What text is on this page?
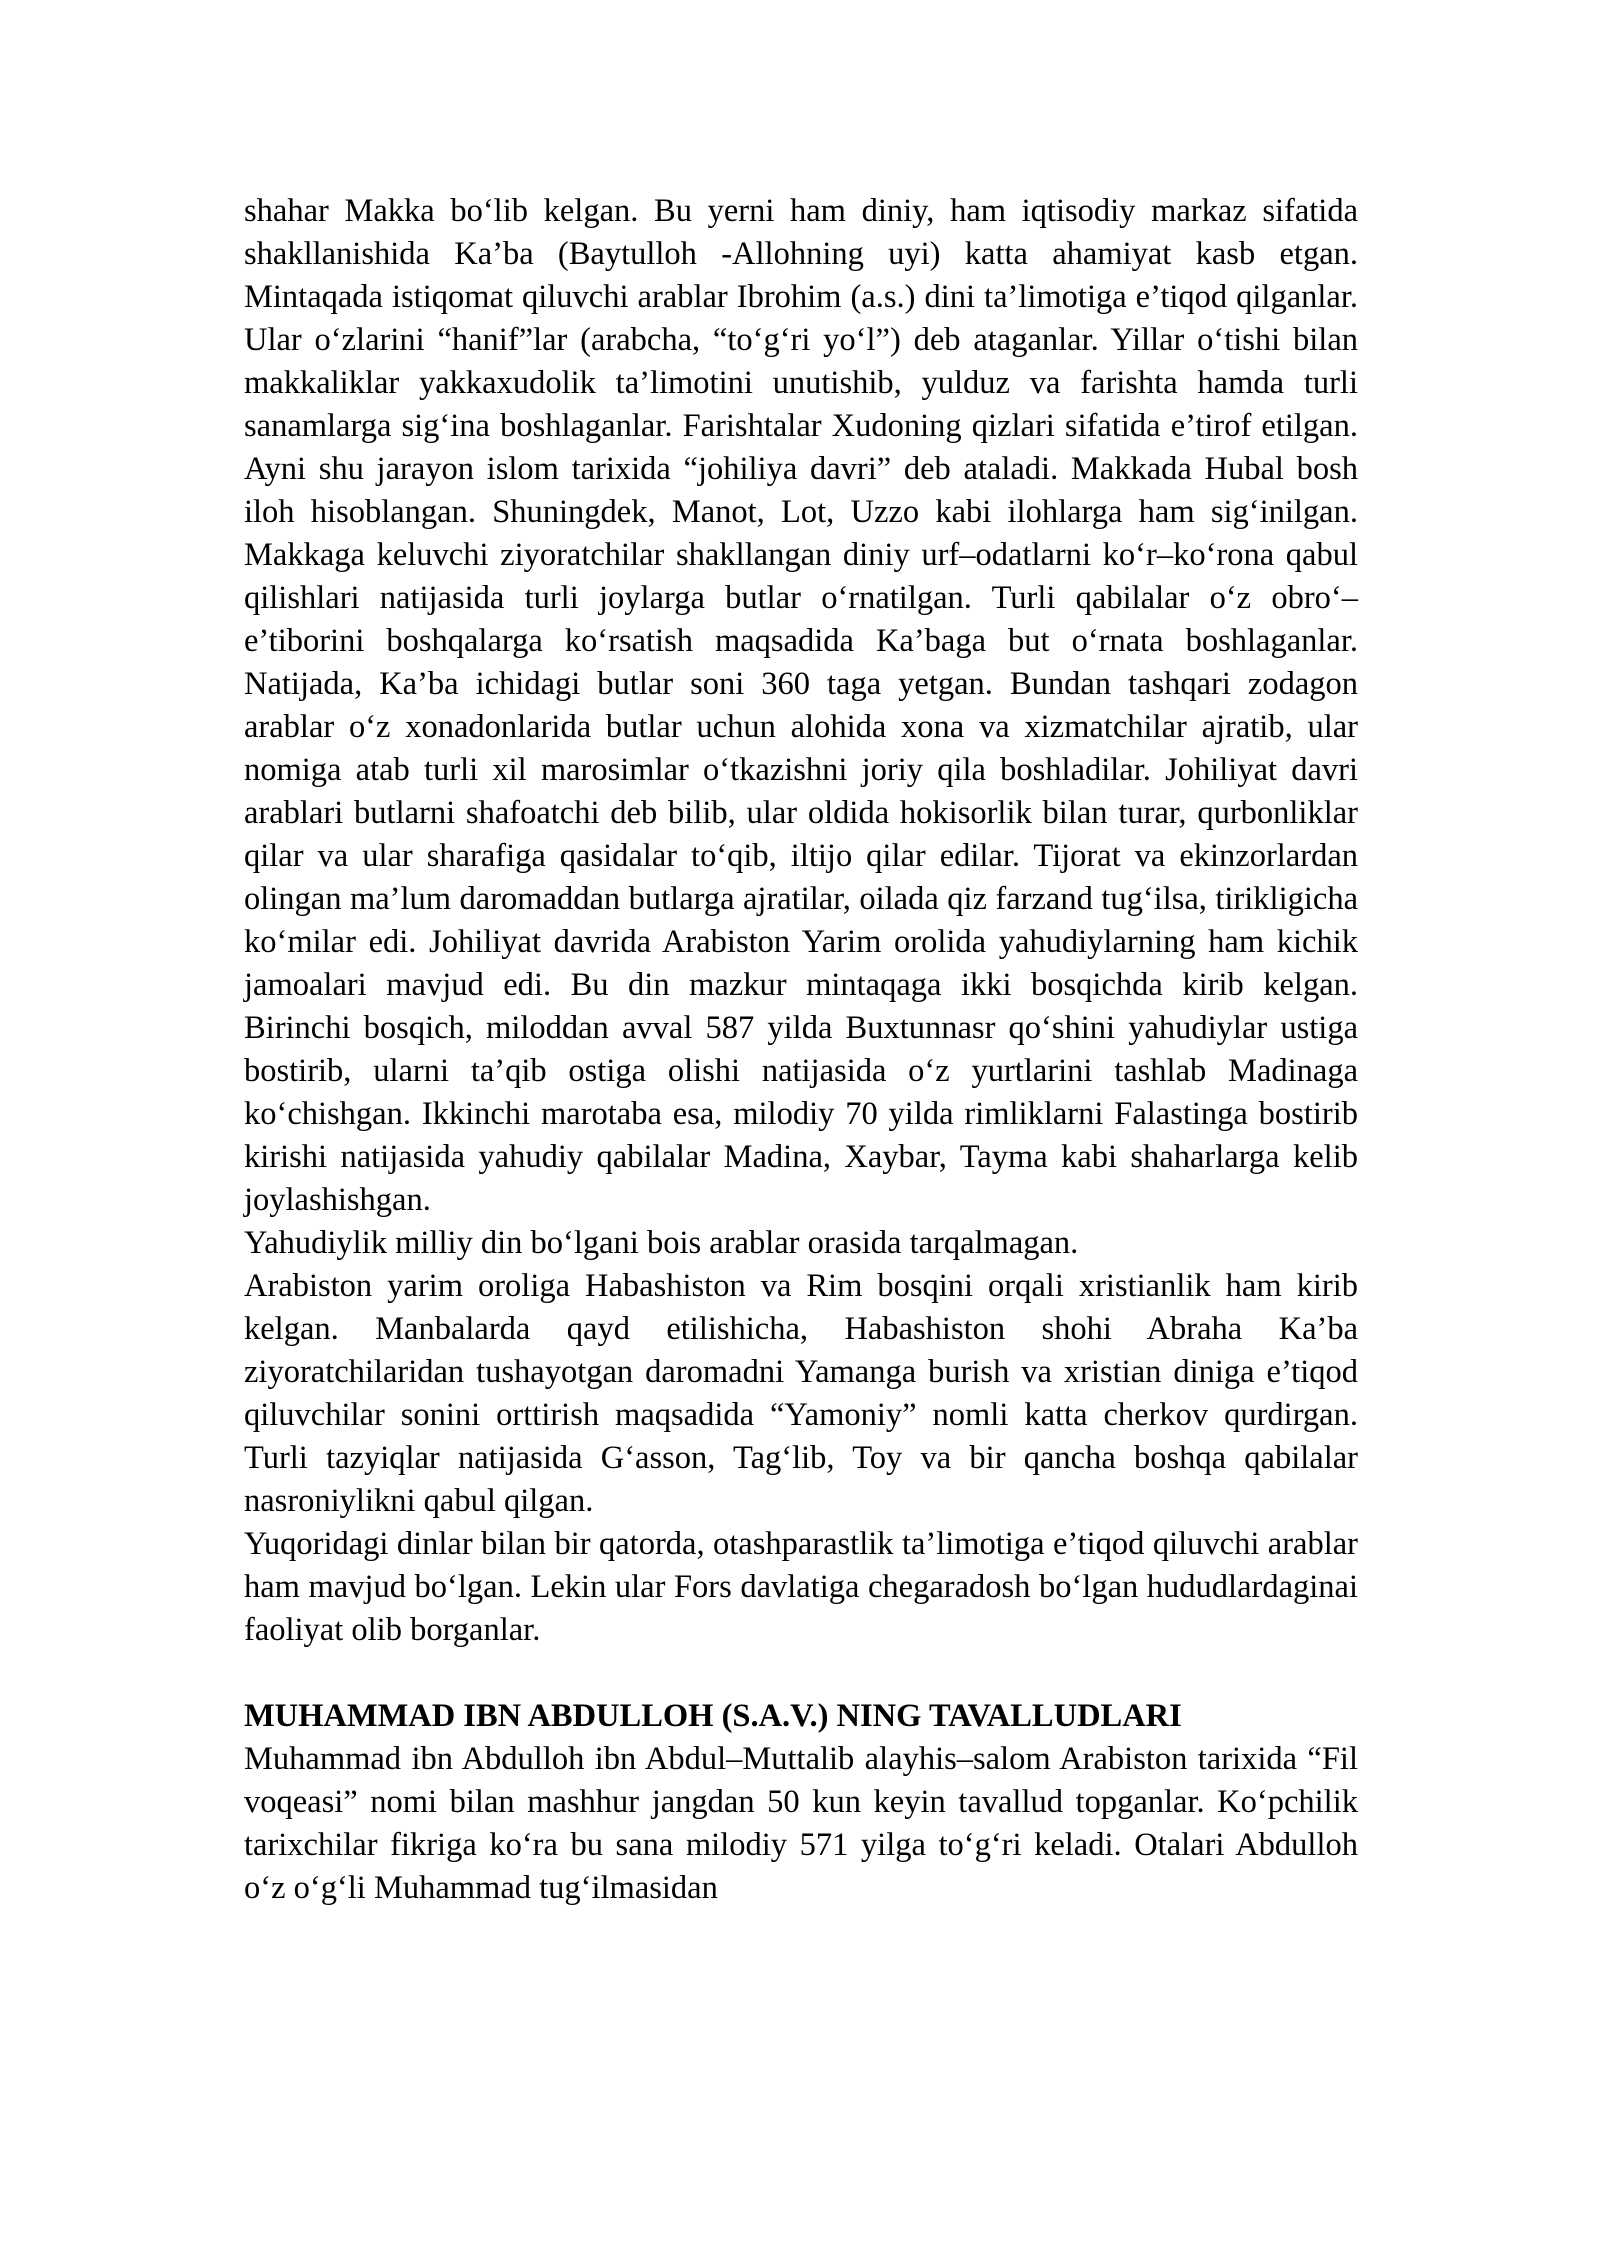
shahar Makka bo‘lib kelgan. Bu yerni ham diniy, ham iqtisodiy markaz sifatida shakllanishida Ka’ba (Baytulloh -Allohning uyi) katta ahamiyat kasb etgan. Mintaqada istiqomat qiluvchi arablar Ibrohim (a.s.) dini ta’limotiga e’tiqod qilganlar. Ular o‘zlarini “hanif”lar (arabcha, “to‘g‘ri yo‘l”) deb ataganlar. Yillar o‘tishi bilan makkaliklar yakkaxudolik ta’limotini unutishib, yulduz va farishta hamda turli sanamlarga sig‘ina boshlaganlar. Farishtalar Xudoning qizlari sifatida e’tirof etilgan. Ayni shu jarayon islom tarixida “johiliya davri” deb ataladi. Makkada Hubal bosh iloh hisoblangan. Shuningdek, Manot, Lot, Uzzo kabi ilohlarga ham sig‘inilgan. Makkaga keluvchi ziyoratchilar shakllangan diniy urf–odatlarni ko‘r–ko‘rona qabul qilishlari natijasida turli joylarga butlar o‘rnatilgan. Turli qabilalar o‘z obro‘–e’tiborini boshqalarga ko‘rsatish maqsadida Ka’baga but o‘rnata boshlaganlar. Natijada, Ka’ba ichidagi butlar soni 360 taga yetgan. Bundan tashqari zodagon arablar o‘z xonadonlarida butlar uchun alohida xona va xizmatchilar ajratib, ular nomiga atab turli xil marosimlar o‘tkazishni joriy qila boshladilar. Johiliyat davri arablari butlarni shafoatchi deb bilib, ular oldida hokisorlik bilan turar, qurbonliklar qilar va ular sharafiga qasidalar to‘qib, iltijo qilar edilar. Tijorat va ekinzorlardan olingan ma’lum daromaddan butlarga ajratilar, oilada qiz farzand tug‘ilsa, tirikligicha ko‘milar edi. Johiliyat davrida Arabiston Yarim orolida yahudiylarning ham kichik jamoalari mavjud edi. Bu din mazkur mintaqaga ikki bosqichda kirib kelgan. Birinchi bosqich, miloddan avval 587 yilda Buxtunnasr qo‘shini yahudiylar ustiga bostirib, ularni ta’qib ostiga olishi natijasida o‘z yurtlarini tashlab Madinaga ko‘chishgan. Ikkinchi marotaba esa, milodiy 70 yilda rimliklarni Falastinga bostirib kirishi natijasida yahudiy qabilalar Madina, Xaybar, Tayma kabi shaharlarga kelib joylashishgan.

Yahudiylik milliy din bo‘lgani bois arablar orasida tarqalmagan.

Arabiston yarim oroliga Habashiston va Rim bosqini orqali xristianlik ham kirib kelgan. Manbalarda qayd etilishicha, Habashiston shohi Abraha Ka’ba ziyoratchilaridan tushayotgan daromadni Yamanga burish va xristian diniga e’tiqod qiluvchilar sonini orttirish maqsadida “Yamoniy” nomli katta cherkov qurdirgan. Turli tazyiqlar natijasida G‘asson, Tag‘lib, Toy va bir qancha boshqa qabilalar nasroniylikni qabul qilgan.

Yuqoridagi dinlar bilan bir qatorda, otashparastlik ta’limotiga e’tiqod qiluvchi arablar ham mavjud bo‘lgan. Lekin ular Fors davlatiga chegaradosh bo‘lgan hududlardaginai faoliyat olib borganlar.

MUHAMMAD IBN ABDULLOH (S.A.V.) NING TAVALLUDLARI

Muhammad ibn Abdulloh ibn Abdul–Muttalib alayhis–salom Arabiston tarixida “Fil voqeasi” nomi bilan mashhur jangdan 50 kun keyin tavallud topganlar. Ko‘pchilik tarixchilar fikriga ko‘ra bu sana milodiy 571 yilga to‘g‘ri keladi. Otalari Abdulloh o‘z o‘g‘li Muhammad tug‘ilmasidan
